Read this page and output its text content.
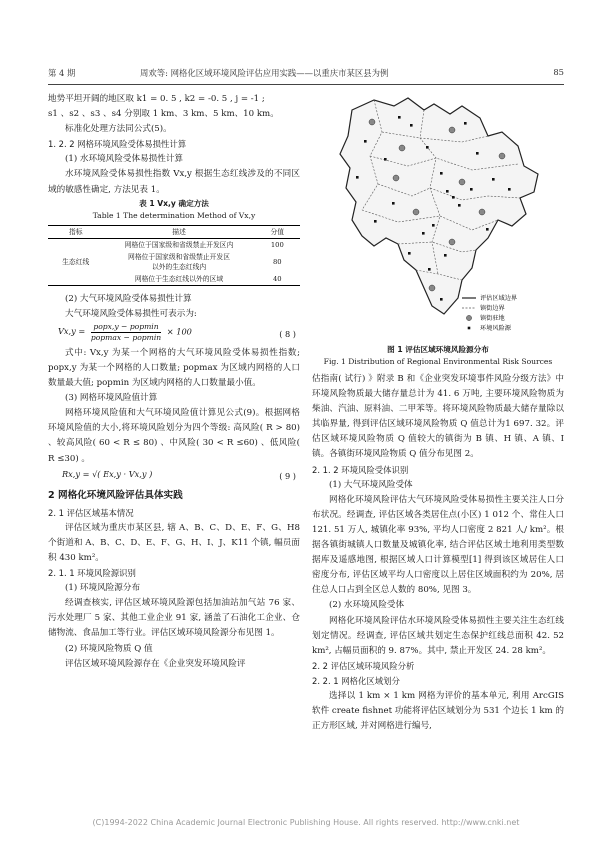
第 4 期	周欢等: 网格化区域环境风险评估应用实践——以重庆市某区县为例	85

地势平坦开阔的地区取 k1 = 0. 5 , k2 = -0. 5 , j = -1 ;

s1 、s2 、s3 、s4 分别取 1 km、3 km、5 km、10 km。

标准化处理方法同公式(5)。

1. 2. 2 网格环境风险受体易损性计算

(1) 水环境风险受体易损性计算

水环境风险受体易损性指数 Vx,y 根据生态红线涉及的不同区域的敏感性确定, 方法见表 1。

表 1 Vx,y 确定方法

Table 1 The determination Method of Vx,y

指标	描述	分值
生态红线	网格位于国家级和省级禁止开发区内	100
	网格位于国家级和省级禁止开发区
以外的生态红线内	80
	网格位于生态红线以外的区域	40

(2) 大气环境风险受体易损性计算

大气环境风险受体易损性可表示为:

$Vx,y = \frac{\text{popx,y − popmin}}{\text{popmax − popmin}} \times 100$	( 8 )

式中: Vx,y 为某一个网格的大气环境风险受体易损性指数; popx,y 为某一个网格的人口数量; popmax 为区域内网格的人口数量最大值; popmin 为区域内网格的人口数量最小值。

(3) 网格环境风险值计算

网格环境风险值和大气环境风险值计算见公式(9)。根据网格环境风险值的大小,将环境风险划分为四个等级: 高风险( R > 80) 、较高风险( 60 < R ≤ 80) 、中风险( 30 < R ≤60) 、低风险( R ≤30) 。

Rx,y = √( Ex,y · Vx,y )	( 9 )

2 网格化环境风险评估具体实践

2. 1 评估区域基本情况

评估区域为重庆市某区县, 辖 A、B、C、D、E、F、G、H8 个街道和 A、B、C、D、E、F、G、H、I、J、K11 个镇, 幅员面积 430 km²。

2. 1. 1 环境风险源识别

(1) 环境风险源分布

经调查核实, 评估区域环境风险源包括加油站加气站 76 家、污水处理厂 5 家、其他工业企业 91 家, 涵盖了石油化工企业、仓储物流、食品加工等行业。评估区域环境风险源分布见图 1。

(2) 环境风险物质 Q 值

评估区域环境风险源存在《企业突发环境风险评

评估区域边界
镇街边界
镇街驻地
环境风险源

图 1 评估区域环境风险源分布

Fig. 1 Distribution of Regional Environmental Risk Sources

估指南( 试行) 》附录 B 和《企业突发环境事件风险分级方法》中环境风险物质最大储存量总计为 41. 6 万吨, 主要环境风险物质为柴油、汽油、原料油、二甲苯等。将环境风险物质最大储存量除以其临界量, 得到评估区域环境风险物质 Q 值总计为1 697. 32。评估区域环境风险物质 Q 值较大的镇街为 B 镇、H 镇、A 镇、I 镇。各镇街环境风险物质 Q 值分布见图 2。

2. 1. 2 环境风险受体识别

(1) 大气环境风险受体

网格化环境风险评估大气环境风险受体易损性主要关注人口分布状况。经调查, 评估区域各类居住点(小区) 1 012 个、常住人口 121. 51 万人, 城镇化率 93%, 平均人口密度 2 821 人/ km²。根据各镇街城镇人口数量及城镇化率, 结合评估区域土地利用类型数据库及遥感地图, 根据区域人口计算模型[1] 得到该区域居住人口密度分布, 评估区域平均人口密度以上居住区域面积约为 20%, 居住总人口占到全区总人数的 80%, 见图 3。

(2) 水环境风险受体

网格化环境风险评估水环境风险受体易损性主要关注生态红线划定情况。经调查, 评估区域共划定生态保护红线总面积 42. 52 km², 占幅员面积的 9. 87%。其中, 禁止开发区 24. 28 km²。

2. 2 评估区域环境风险分析

2. 2. 1 网格化区域划分

选择以 1 km × 1 km 网格为评价的基本单元, 利用 ArcGIS 软件 create fishnet 功能将评估区域划分为 531 个边长 1 km 的正方形区域, 并对网格进行编号,

(C)1994-2022 China Academic Journal Electronic Publishing House. All rights reserved. http://www.cnki.net
